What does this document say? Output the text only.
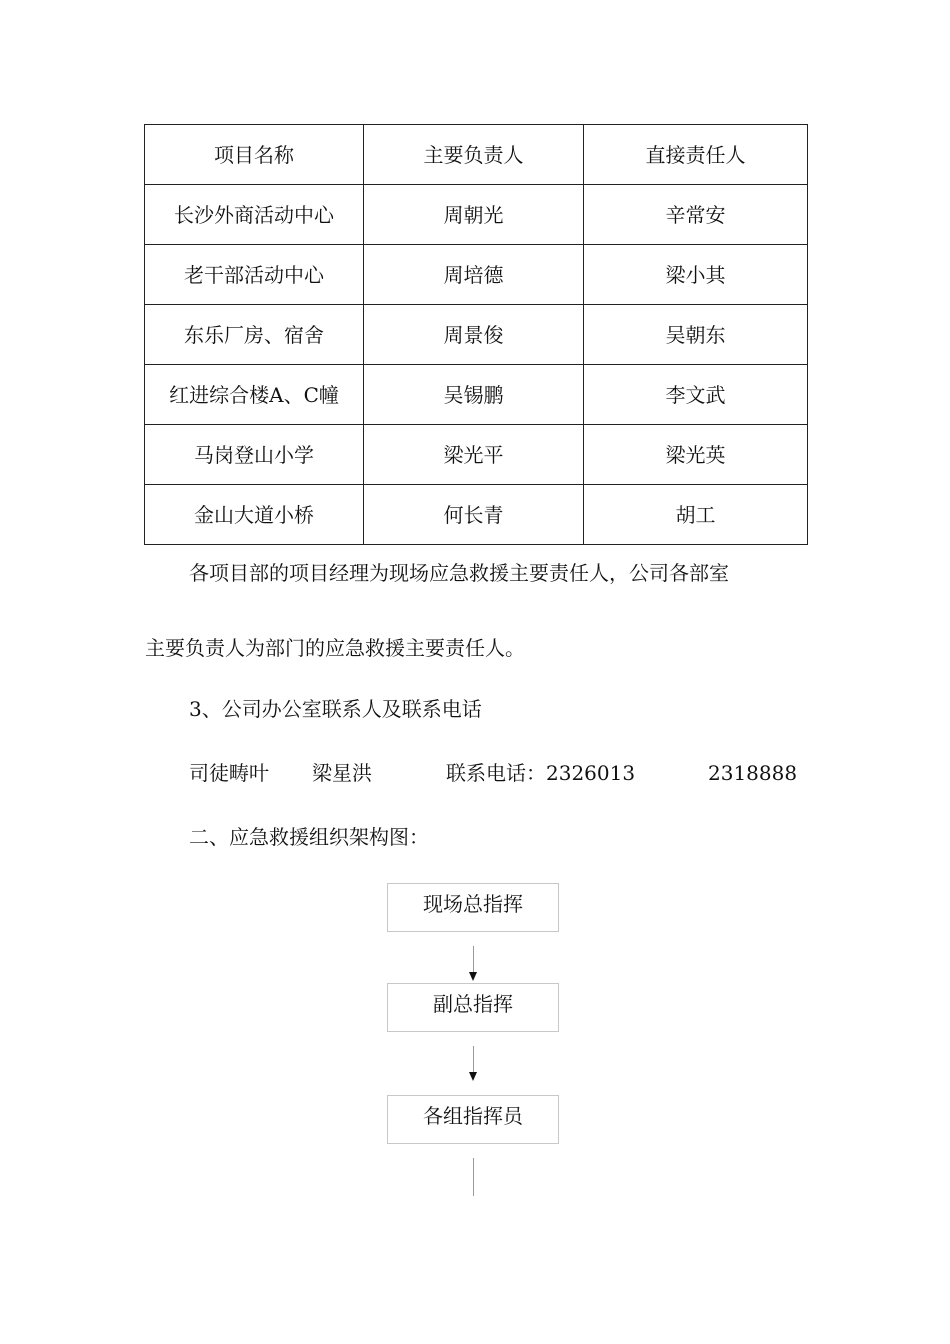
项目名称	主要负责人	直接责任人
长沙外商活动中心	周朝光	辛常安
老干部活动中心	周培德	梁小其
东乐厂房、宿舍	周景俊	吴朝东
红进综合楼A、C幢	吴锡鹏	李文武
马岗登山小学	梁光平	梁光英
金山大道小桥	何长青	胡工
各项目部的项目经理为现场应急救援主要责任人，公司各部室
主要负责人为部门的应急救援主要责任人。
3、公司办公室联系人及联系电话
司徒畴叶 梁星洪	联系电话：2326013	2318888
二、应急救援组织架构图：
现场总指挥
副总指挥
各组指挥员
